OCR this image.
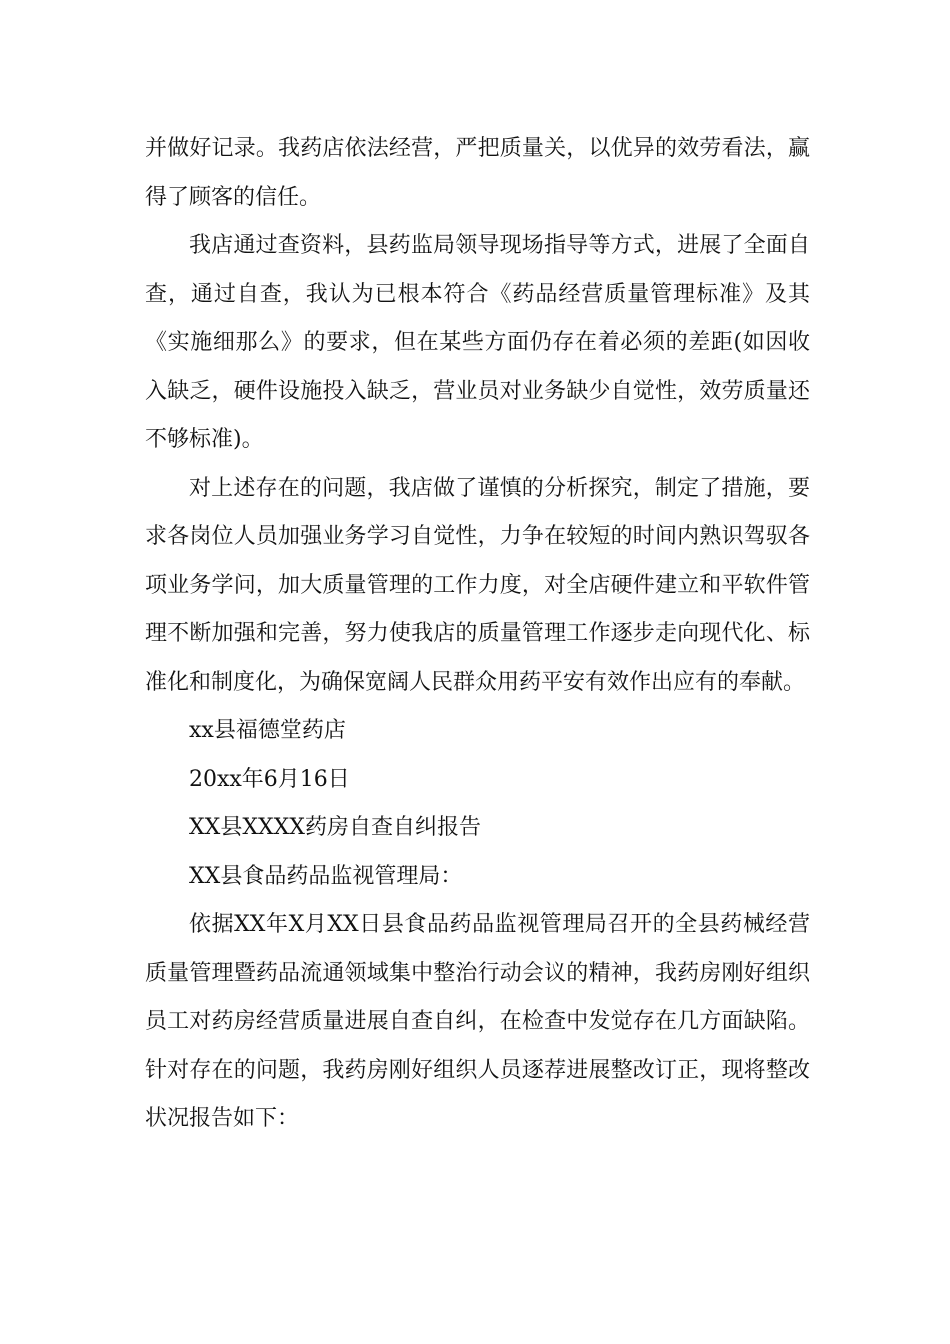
并做好记录。我药店依法经营，严把质量关，以优异的效劳看法，赢得了顾客的信任。

我店通过查资料，县药监局领导现场指导等方式，进展了全面自查，通过自查，我认为已根本符合《药品经营质量管理标准》及其《实施细那么》的要求，但在某些方面仍存在着必须的差距(如因收入缺乏，硬件设施投入缺乏，营业员对业务缺少自觉性，效劳质量还不够标准)。

对上述存在的问题，我店做了谨慎的分析探究，制定了措施，要求各岗位人员加强业务学习自觉性，力争在较短的时间内熟识驾驭各项业务学问，加大质量管理的工作力度，对全店硬件建立和平软件管理不断加强和完善，努力使我店的质量管理工作逐步走向现代化、标准化和制度化，为确保宽阔人民群众用药平安有效作出应有的奉献。

xx县福德堂药店

20xx年6月16日

XX县XXXX药房自查自纠报告

XX县食品药品监视管理局：

依据XX年X月XX日县食品药品监视管理局召开的全县药械经营质量管理暨药品流通领域集中整治行动会议的精神，我药房刚好组织员工对药房经营质量进展自查自纠，在检查中发觉存在几方面缺陷。针对存在的问题，我药房刚好组织人员逐荐进展整改订正，现将整改状况报告如下：
